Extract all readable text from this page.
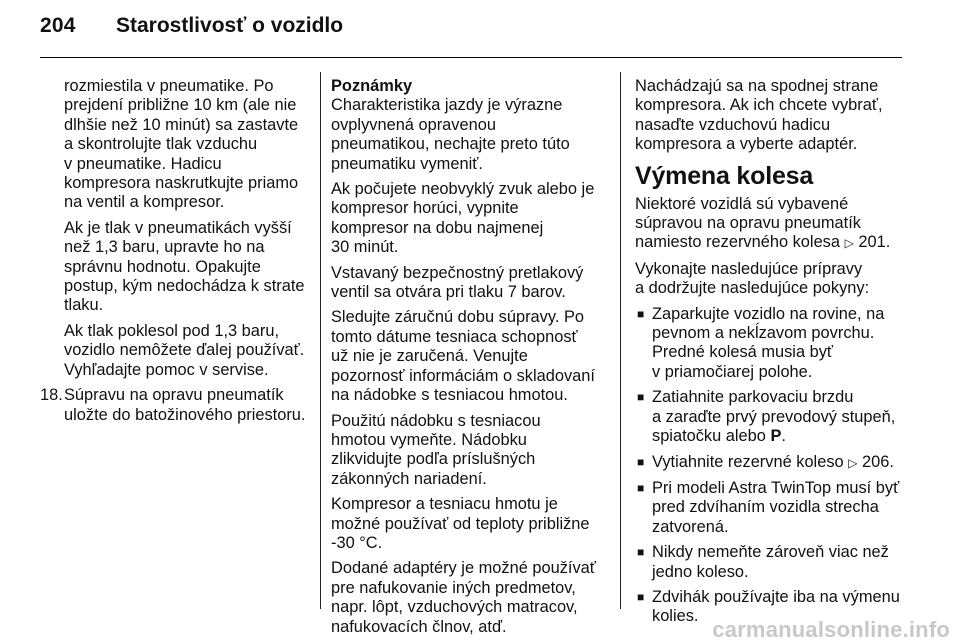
204 Starostlivosť o vozidlo

rozmiestila v pneumatike. Po
prejdení približne 10 km (ale nie
dlhšie než 10 minút) sa zastavte
a skontrolujte tlak vzduchu
v pneumatike. Hadicu
kompresora naskrutkujte priamo
na ventil a kompresor.

Ak je tlak v pneumatikách vyšší
než 1,3 baru, upravte ho na
správnu hodnotu. Opakujte
postup, kým nedochádza k strate
tlaku.

Ak tlak poklesol pod 1,3 baru,
vozidlo nemôžete ďalej používať.
Vyhľadajte pomoc v servise.

18. Súpravu na opravu pneumatík
uložte do batožinového priestoru.

Poznámky

Charakteristika jazdy je výrazne
ovplyvnená opravenou
pneumatikou, nechajte preto túto
pneumatiku vymeniť.

Ak počujete neobvyklý zvuk alebo je
kompresor horúci, vypnite
kompresor na dobu najmenej
30 minút.

Vstavaný bezpečnostný pretlakový
ventil sa otvára pri tlaku 7 barov.

Sledujte záručnú dobu súpravy. Po
tomto dátume tesniaca schopnosť
už nie je zaručená. Venujte
pozornosť informáciám o skladovaní
na nádobke s tesniacou hmotou.

Použitú nádobku s tesniacou
hmotou vymeňte. Nádobku
zlikvidujte podľa príslušných
zákonných nariadení.

Kompresor a tesniacu hmotu je
možné používať od teploty približne
-30 °C.

Dodané adaptéry je možné používať
pre nafukovanie iných predmetov,
napr. lôpt, vzduchových matracov,
nafukovacích člnov, atď.

Nachádzajú sa na spodnej strane
kompresora. Ak ich chcete vybrať,
nasaďte vzduchovú hadicu
kompresora a vyberte adaptér.

Výmena kolesa

Niektoré vozidlá sú vybavené
súpravou na opravu pneumatík
namiesto rezervného kolesa ▷ 201.

Vykonajte nasledujúce prípravy
a dodržujte nasledujúce pokyny:

■ Zaparkujte vozidlo na rovine, na
pevnom a nekĺzavom povrchu.
Predné kolesá musia byť
v priamočiarej polohe.
■ Zatiahnite parkovaciu brzdu
a zaraďte prvý prevodový stupeň,
spiatočku alebo P.
■ Vytiahnite rezervné koleso ▷ 206.
■ Pri modeli Astra TwinTop musí byť
pred zdvíhaním vozidla strecha
zatvorená.
■ Nikdy nemeňte zároveň viac než
jedno koleso.
■ Zdvihák používajte iba na výmenu
kolies.
carmanualsonline.info
